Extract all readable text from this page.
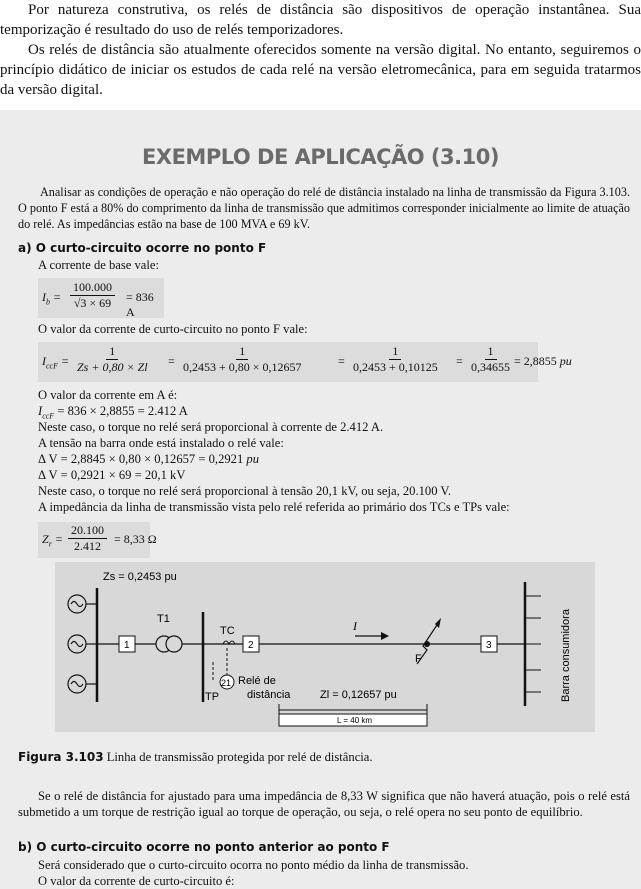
Por natureza construtiva, os relés de distância são dispositivos de operação instantânea. Sua temporização é resultado do uso de relés temporizadores.

Os relés de distância são atualmente oferecidos somente na versão digital. No entanto, seguiremos o princípio didático de iniciar os estudos de cada relé na versão eletromecânica, para em seguida tratarmos da versão digital.

EXEMPLO DE APLICAÇÃO (3.10)

Analisar as condições de operação e não operação do relé de distância instalado na linha de transmissão da Figura 3.103. O ponto F está a 80% do comprimento da linha de transmissão que admitimos corresponder inicialmente ao limite de atuação do relé. As impedâncias estão na base de 100 MVA e 69 kV.

a) O curto-circuito ocorre no ponto F
A corrente de base vale:
$I_b = \frac{100.000}{√3 \times 69} = 836$ A
O valor da corrente de curto-circuito no ponto F vale:
$I_{ccF} = \frac{1}{Zs + 0,80 \times Zl} = \frac{1}{0,2453 + 0,80 \times 0,12657}$	= $\frac{1}{0,2453 + 0,10125} = \frac{1}{0,34655} = 2,8855$ pu
O valor da corrente em A é:
$I_{ccF} = 836 \times 2,8855 = 2.412$ A
Neste caso, o torque no relé será proporcional à corrente de 2.412 A.
A tensão na barra onde está instalado o relé vale:
Δ V = 2,8845 × 0,80 × 0,12657 = 0,2921 pu
Δ V = 0,2921 × 69 = 20,1 kV
Neste caso, o torque no relé será proporcional à tensão 20,1 kV, ou seja, 20.100 V.
A impedância da linha de transmissão vista pelo relé referida ao primário dos TCs e TPs vale:
$Z_r = \frac{20.100}{2.412} = 8,33$ Ω
Zs = 0,2453 pu
1
T1
TC
2
21 Relé de
distância
TP
I
F
3	Barra consumidora
Zl = 0,12657 pu
L = 40 km
Figura 3.103 Linha de transmissão protegida por relé de distância.

Se o relé de distância for ajustado para uma impedância de 8,33 W significa que não haverá atuação, pois o relé está submetido a um torque de restrição igual ao torque de operação, ou seja, o relé opera no seu ponto de equilíbrio.

b) O curto-circuito ocorre no ponto anterior ao ponto F
Será considerado que o curto-circuito ocorra no ponto médio da linha de transmissão.
O valor da corrente de curto-circuito é:
